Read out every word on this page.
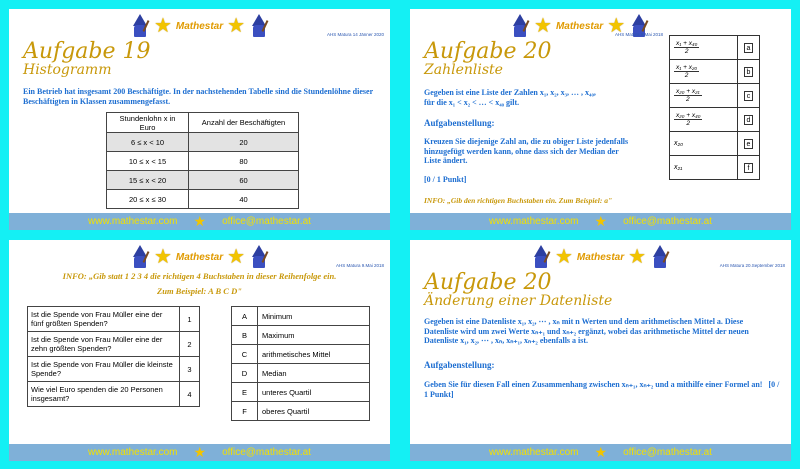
★ Mathestar ★	AHS Matura 14 Jänner 2020
Aufgabe 19
Histogramm
Ein Betrieb hat insgesamt 200 Beschäftigte. In der nachstehenden Tabelle sind die Stundenlöhne dieser Beschäftigten in Klassen zusammengefasst.
Stundenlohn x in Euro	Anzahl der Beschäftigten
6 ≤ x < 10	20
10 ≤ x < 15	80
15 ≤ x < 20	60
20 ≤ x ≤ 30	40
www.mathestar.com ★ office@mathestar.at
★ Mathestar ★
AHS Matura 9.Mai 2018
Aufgabe 20
Zahlenliste
Gegeben ist eine Liste der Zahlen x₁, x₂, x₃, … , x₄₀,
für die x₁ < x₂ < … < x₄₀ gilt.
Aufgabenstellung:
Kreuzen Sie diejenige Zahl an, die zu obiger Liste jedenfalls hinzugefügt werden kann, ohne dass sich der Median der Liste ändert.
[0 / 1 Punkt]
INFO: „Gib den richtigen Buchstaben ein. Zum Beispiel: a"
$\frac{\text{x₁ + x₄₀}}{2}$	a

$\frac{\text{x₁ + x₂₀}}{2}$	b

$\frac{\text{x₂₀ + x₂₁}}{2}$	c

$\frac{\text{x₂₀ + x₄₀}}{2}$	d
x₂₀	e
x₂₁	f
www.mathestar.com ★ office@mathestar.at
★ Mathestar ★	AHS Matura 9.Mai 2018
INFO: „Gib statt 1 2 3 4 die richtigen 4 Buchstaben in dieser Reihenfolge ein.
Zum Beispiel: A B C D"
Ist die Spende von Frau Müller eine der fünf größten Spenden?	1
Ist die Spende von Frau Müller eine der zehn größten Spenden?	2
Ist die Spende von Frau Müller die kleinste Spende?	3
Wie viel Euro spenden die 20 Personen insgesamt?	4
A	Minimum
B	Maximum
C	arithmetisches Mittel
D	Median
E	unteres Quartil
F	oberes Quartil
www.mathestar.com ★ office@mathestar.at
★ Mathestar ★	AHS Matura 20.September 2018
Aufgabe 20
Änderung einer Datenliste
Gegeben ist eine Datenliste x₁, x₂, ⋯ , xₙ mit n Werten und dem arithmetischen Mittel a. Diese Datenliste wird um zwei Werte xₙ₊₁ und xₙ₊₂ ergänzt, wobei das arithmetische Mittel der neuen Datenliste x₁, x₂, ⋯ , xₙ, xₙ₊₁, xₙ₊₂ ebenfalls a ist.
Aufgabenstellung:
Geben Sie für diesen Fall einen Zusammenhang zwischen xₙ₊₁, xₙ₊₂ und a mithilfe einer Formel an! [0 / 1 Punkt]
www.mathestar.com ★ office@mathestar.at
